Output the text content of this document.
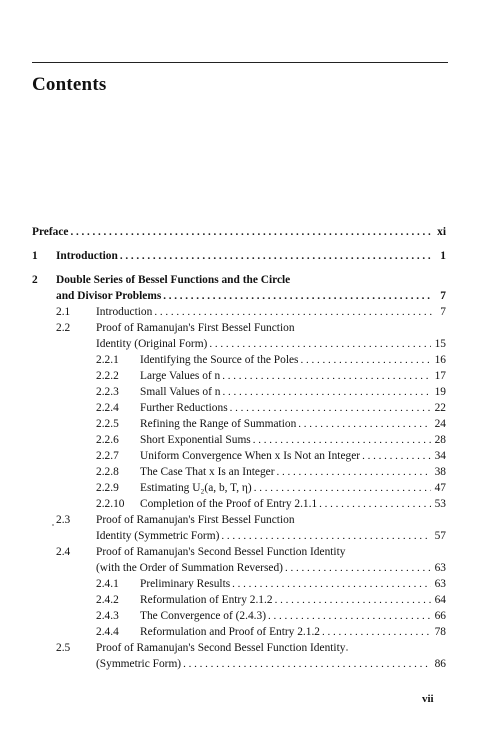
Contents
Preface . . .	xi
1 Introduction . . .	1
2 Double Series of Bessel Functions and the Circle
and Divisor Problems . . .	7
2.1 Introduction . . .	7
2.2 Proof of Ramanujan's First Bessel Function
Identity (Original Form) . . .	15
2.2.1 Identifying the Source of the Poles . . .	16
2.2.2 Large Values of n . . .	17
2.2.3 Small Values of n . . .	19
2.2.4 Further Reductions . . .	22
2.2.5 Refining the Range of Summation . . .	24
2.2.6 Short Exponential Sums . . .	28
2.2.7 Uniform Convergence When x Is Not an Integer . . .	34
2.2.8 The Case That x Is an Integer . . .	38
2.2.9 Estimating U₂(a, b, T, η) . . .	47
2.2.10 Completion of the Proof of Entry 2.1.1 . . .	53
2.3 Proof of Ramanujan's First Bessel Function
Identity (Symmetric Form) . . .	57
2.4 Proof of Ramanujan's Second Bessel Function Identity
(with the Order of Summation Reversed) . . .	63
2.4.1 Preliminary Results . . .	63
2.4.2 Reformulation of Entry 2.1.2 . . .	64
2.4.3 The Convergence of (2.4.3) . . .	66
2.4.4 Reformulation and Proof of Entry 2.1.2 . . .	78
2.5 Proof of Ramanujan's Second Bessel Function Identity
(Symmetric Form) . . .	86
vii
